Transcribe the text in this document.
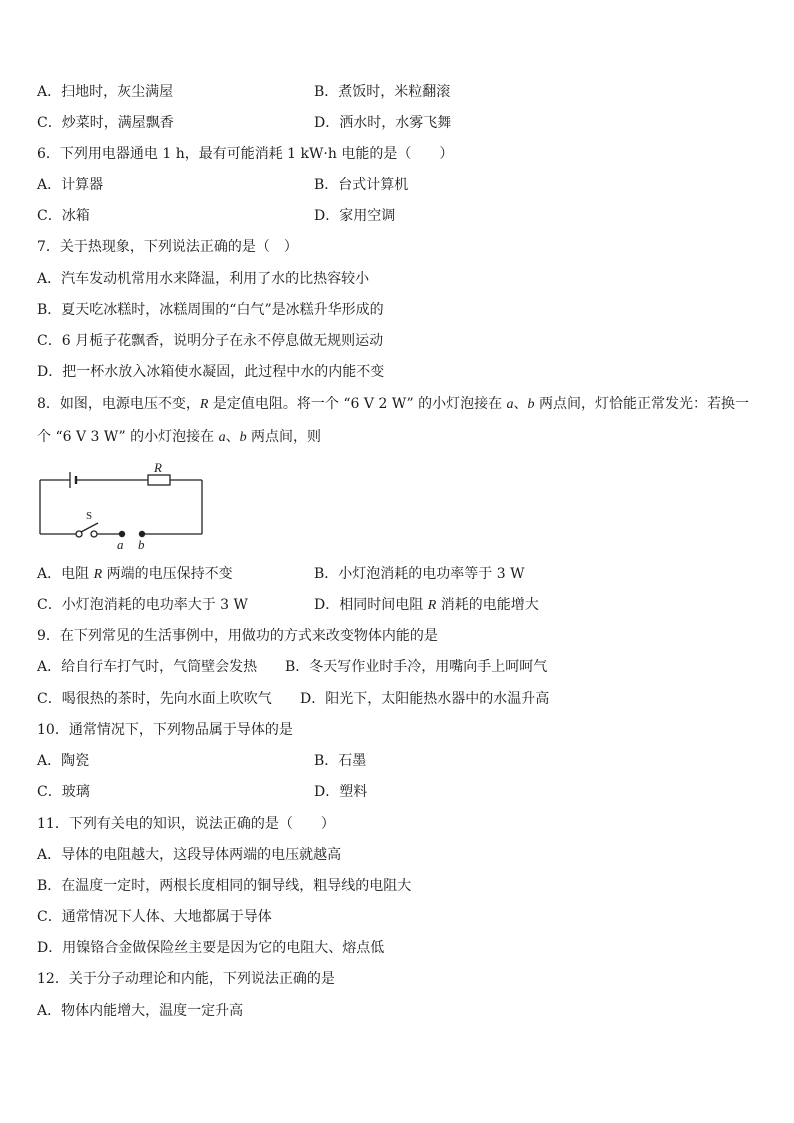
A．扫地时，灰尘满屋	B．煮饭时，米粒翻滚
C．炒菜时，满屋飘香	D．洒水时，水雾飞舞
6．下列用电器通电 1 h，最有可能消耗 1 kW·h 电能的是（　　）
A．计算器	B．台式计算机
C．冰箱	D．家用空调
7．关于热现象，下列说法正确的是（　）
A．汽车发动机常用水来降温，利用了水的比热容较小
B．夏天吃冰糕时，冰糕周围的“白气”是冰糕升华形成的
C．6 月栀子花飘香，说明分子在永不停息做无规则运动
D．把一杯水放入冰箱使水凝固，此过程中水的内能不变
8．如图，电源电压不变，R 是定值电阻。将一个 “6 V 2 W” 的小灯泡接在 a、b 两点间，灯恰能正常发光：若换一
个 “6 V 3 W” 的小灯泡接在 a、b 两点间，则
R
S
a b
A．电阻 R 两端的电压保持不变	B．小灯泡消耗的电功率等于 3 W
C．小灯泡消耗的电功率大于 3 W	D．相同时间电阻 R 消耗的电能增大
9．在下列常见的生活事例中，用做功的方式来改变物体内能的是
A．给自行车打气时，气筒壁会发热 B．冬天写作业时手冷，用嘴向手上呵呵气
C．喝很热的茶时，先向水面上吹吹气 D．阳光下，太阳能热水器中的水温升高
10．通常情况下，下列物品属于导体的是
A．陶瓷	B．石墨
C．玻璃	D．塑料
11．下列有关电的知识，说法正确的是（　　）
A．导体的电阻越大，这段导体两端的电压就越高
B．在温度一定时，两根长度相同的铜导线，粗导线的电阻大
C．通常情况下人体、大地都属于导体
D．用镍铬合金做保险丝主要是因为它的电阻大、熔点低
12．关于分子动理论和内能，下列说法正确的是
A．物体内能增大，温度一定升高
